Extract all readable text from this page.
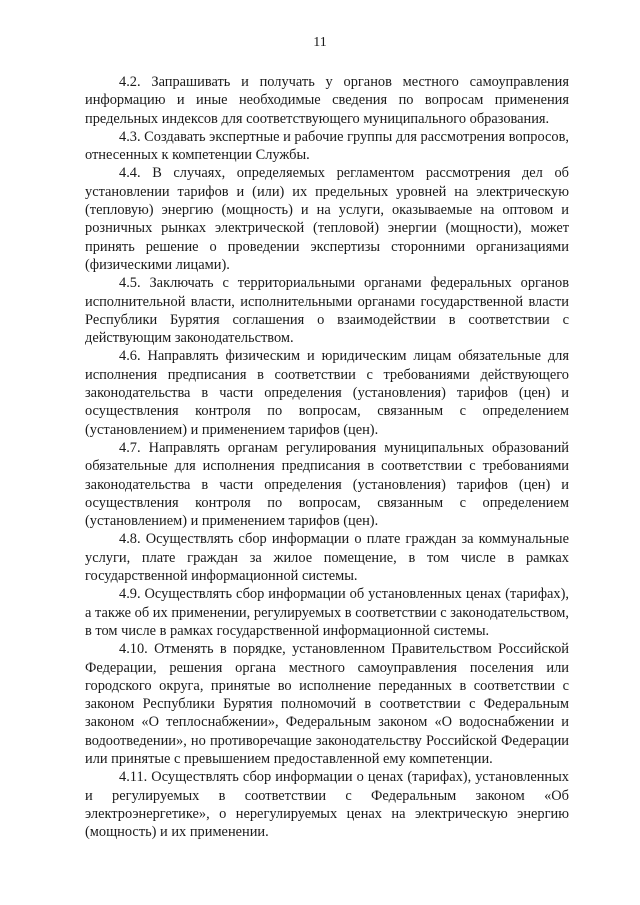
11

4.2. Запрашивать и получать у органов местного самоуправления информацию и иные необходимые сведения по вопросам применения предельных индексов для соответствующего муниципального образования.

4.3. Создавать экспертные и рабочие группы для рассмотрения вопросов, отнесенных к компетенции Службы.

4.4. В случаях, определяемых регламентом рассмотрения дел об установлении тарифов и (или) их предельных уровней на электрическую (тепловую) энергию (мощность) и на услуги, оказываемые на оптовом и розничных рынках электрической (тепловой) энергии (мощности), может принять решение о проведении экспертизы сторонними организациями (физическими лицами).

4.5. Заключать с территориальными органами федеральных органов исполнительной власти, исполнительными органами государственной власти Республики Бурятия соглашения о взаимодействии в соответствии с действующим законодательством.

4.6. Направлять физическим и юридическим лицам обязательные для исполнения предписания в соответствии с требованиями действующего законодательства в части определения (установления) тарифов (цен) и осуществления контроля по вопросам, связанным с определением (установлением) и применением тарифов (цен).

4.7. Направлять органам регулирования муниципальных образований обязательные для исполнения предписания в соответствии с требованиями законодательства в части определения (установления) тарифов (цен) и осуществления контроля по вопросам, связанным с определением (установлением) и применением тарифов (цен).

4.8. Осуществлять сбор информации о плате граждан за коммунальные услуги, плате граждан за жилое помещение, в том числе в рамках государственной информационной системы.

4.9. Осуществлять сбор информации об установленных ценах (тарифах), а также об их применении, регулируемых в соответствии с законодательством, в том числе в рамках государственной информационной системы.

4.10. Отменять в порядке, установленном Правительством Российской Федерации, решения органа местного самоуправления поселения или городского округа, принятые во исполнение переданных в соответствии с законом Республики Бурятия полномочий в соответствии с Федеральным законом «О теплоснабжении», Федеральным законом «О водоснабжении и водоотведении», но противоречащие законодательству Российской Федерации или принятые с превышением предоставленной ему компетенции.

4.11. Осуществлять сбор информации о ценах (тарифах), установленных и регулируемых в соответствии с Федеральным законом «Об электроэнергетике», о нерегулируемых ценах на электрическую энергию (мощность) и их применении.
